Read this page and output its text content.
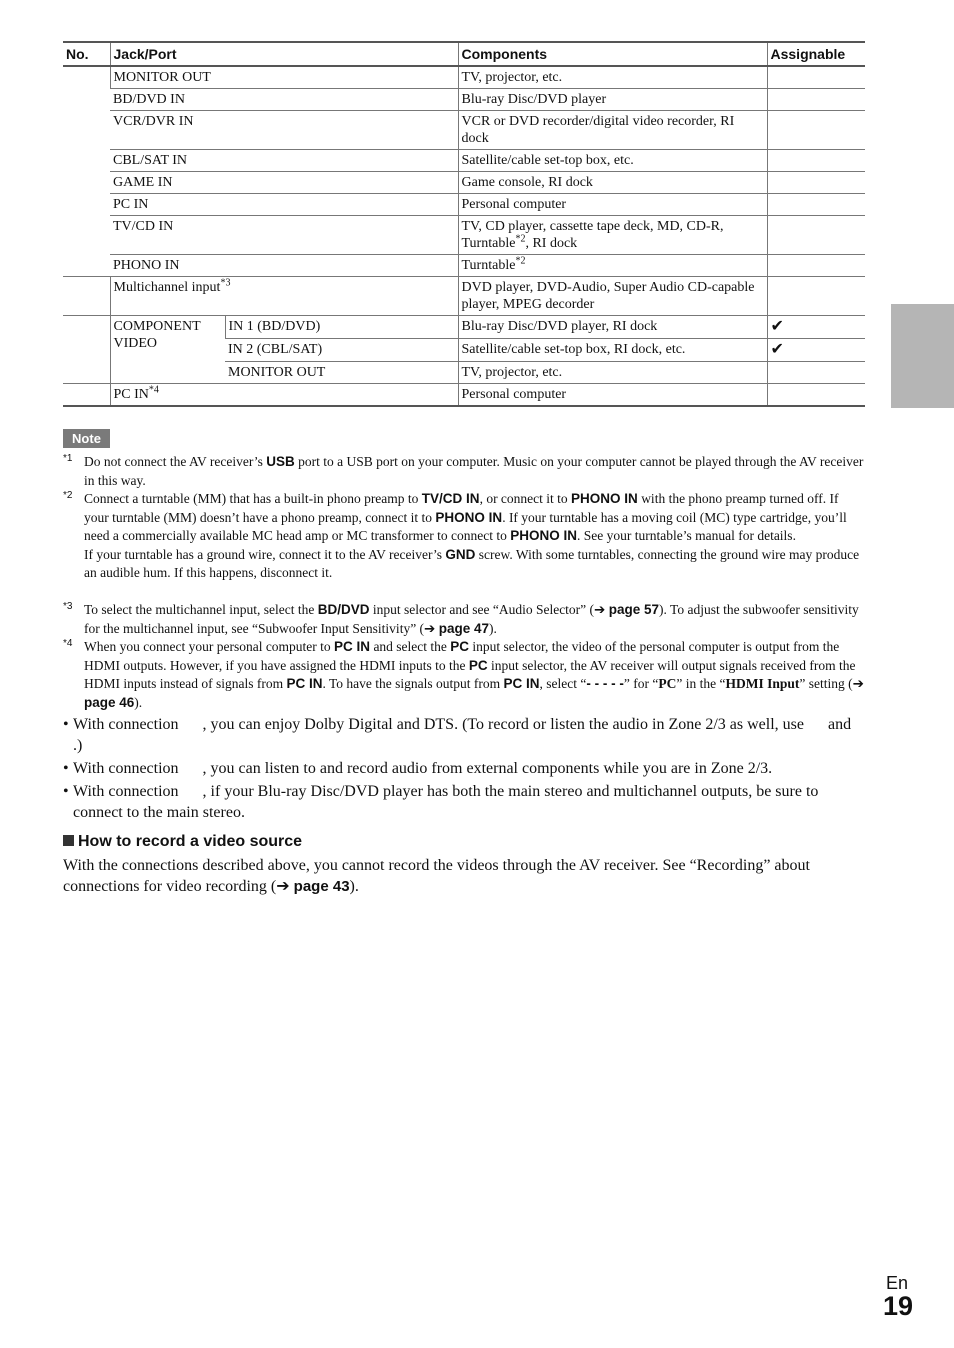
No.	Jack/Port		Components	Assignable
	MONITOR OUT		TV, projector, etc.	
	BD/DVD IN		Blu-ray Disc/DVD player	
	VCR/DVR IN		VCR or DVD recorder/digital video recorder, RI dock	
	CBL/SAT IN		Satellite/cable set-top box, etc.	
	GAME IN		Game console, RI dock	
	PC IN		Personal computer	
	TV/CD IN		TV, CD player, cassette tape deck, MD, CD-R, Turntable$^{*2}$, RI dock	
	PHONO IN		Turntable$^{*2}$	
	Multichannel input$^{*3}$		DVD player, DVD-Audio, Super Audio CD-capable player, MPEG decorder	
	COMPONENT VIDEO	IN 1 (BD/DVD)	Blu-ray Disc/DVD player, RI dock	✔
		IN 2 (CBL/SAT)	Satellite/cable set-top box, RI dock, etc.	✔
		MONITOR OUT	TV, projector, etc.	
	PC IN$^{*4}$		Personal computer	
Note
*1 Do not connect the AV receiver’s USB port to a USB port on your computer. Music on your computer cannot be played through the AV receiver in this way.
*2 Connect a turntable (MM) that has a built-in phono preamp to TV/CD IN, or connect it to PHONO IN with the phono preamp turned off. If your turntable (MM) doesn’t have a phono preamp, connect it to PHONO IN. If your turntable has a moving coil (MC) type cartridge, you’ll need a commercially available MC head amp or MC transformer to connect to PHONO IN. See your turntable’s manual for details.
If your turntable has a ground wire, connect it to the AV receiver’s GND screw. With some turntables, connecting the ground wire may produce an audible hum. If this happens, disconnect it.
*3 To select the multichannel input, select the BD/DVD input selector and see “Audio Selector” (➔ page 57). To adjust the subwoofer sensitivity for the multichannel input, see “Subwoofer Input Sensitivity” (➔ page 47).
*4 When you connect your personal computer to PC IN and select the PC input selector, the video of the personal computer is output from the HDMI outputs. However, if you have assigned the HDMI inputs to the PC input selector, the AV receiver will output signals received from the HDMI inputs instead of signals from PC IN. To have the signals output from PC IN, select “- - - - -” for “PC” in the “HDMI Input” setting (➔ page 46).
• With connection      , you can enjoy Dolby Digital and DTS. (To record or listen the audio in Zone 2/3 as well, use      and      .)
• With connection      , you can listen to and record audio from external components while you are in Zone 2/3.
• With connection      , if your Blu-ray Disc/DVD player has both the main stereo and multichannel outputs, be sure to connect to the main stereo.
How to record a video source
With the connections described above, you cannot record the videos through the AV receiver. See “Recording” about connections for video recording (➔ page 43).
En
19
